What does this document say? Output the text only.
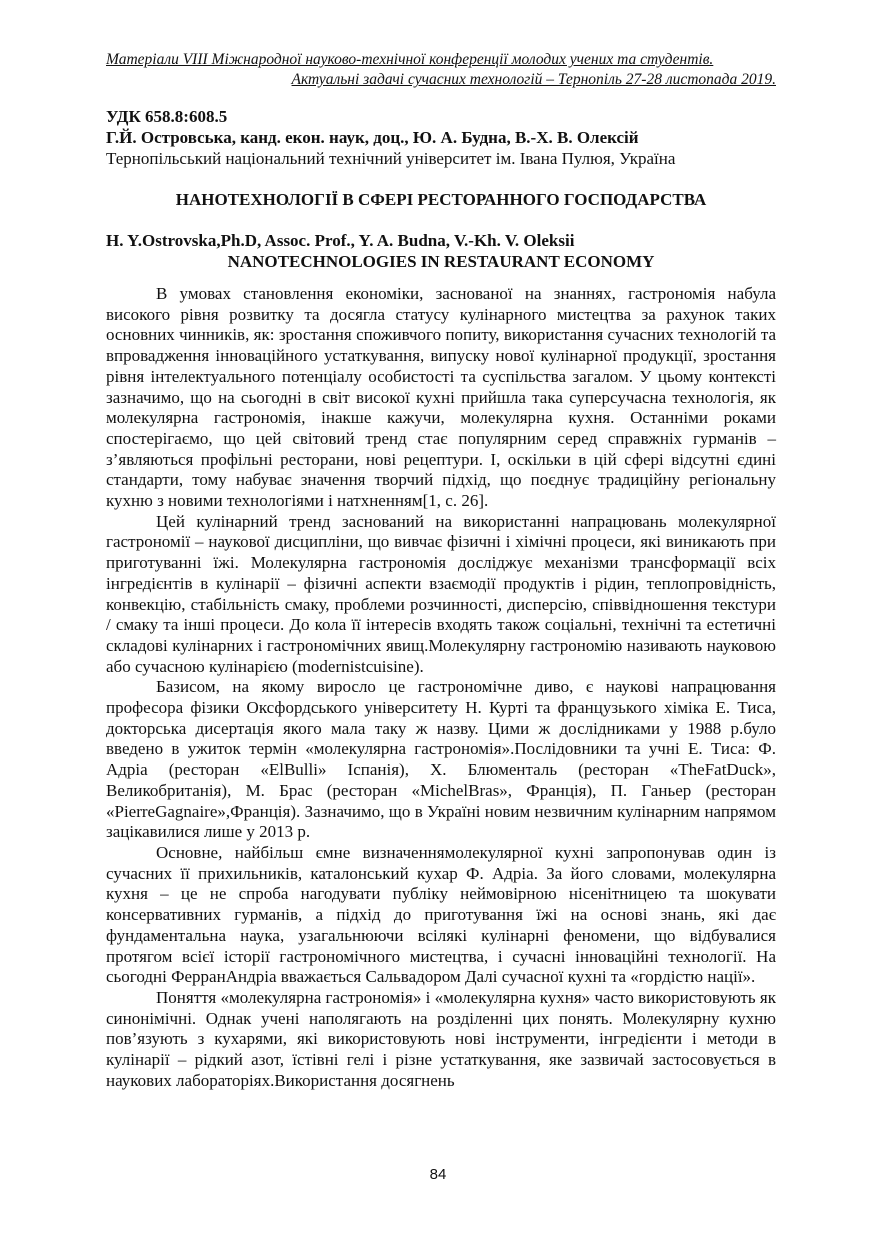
Матеріали VIII Міжнародної науково-технічної конференції молодих учених та студентів.
Актуальні задачі сучасних технологій – Тернопіль 27-28 листопада 2019.
УДК 658.8:608.5
Г.Й. Островська, канд. екон. наук, доц., Ю. А. Будна, В.-Х. В. Олексій
Тернопільський національний технічний університет ім. Івана Пулюя, Україна
НАНОТЕХНОЛОГІЇ В СФЕРІ РЕСТОРАННОГО ГОСПОДАРСТВА
H. Y.Ostrovska,Ph.D, Assoc. Prof., Y. A. Budna, V.-Kh. V. Oleksii
NANOTECHNOLOGIES IN RESTAURANT ECONOMY

В умовах становлення економіки, заснованої на знаннях, гастрономія набула високого рівня розвитку та досягла статусу кулінарного мистецтва за рахунок таких основних чинників, як: зростання споживчого попиту, використання сучасних технологій та впровадження інноваційного устаткування, випуску нової кулінарної продукції, зростання рівня інтелектуального потенціалу особистості та суспільства загалом. У цьому контексті зазначимо, що на сьогодні в світ високої кухні прийшла така суперсучасна технологія, як молекулярна гастрономія, інакше кажучи, молекулярна кухня. Останніми роками спостерігаємо, що цей світовий тренд стає популярним серед справжніх гурманів – з’являються профільні ресторани, нові рецептури. І, оскільки в цій сфері відсутні єдині стандарти, тому набуває значення творчий підхід, що поєднує традиційну регіональну кухню з новими технологіями і натхненням[1, с. 26].

Цей кулінарний тренд заснований на використанні напрацювань молекулярної гастрономії – наукової дисципліни, що вивчає фізичні і хімічні процеси, які виникають при приготуванні їжі. Молекулярна гастрономія досліджує механізми трансформації всіх інгредієнтів в кулінарії – фізичні аспекти взаємодії продуктів і рідин, теплопровідність, конвекцію, стабільність смаку, проблеми розчинності, дисперсію, співвідношення текстури / смаку та інші процеси. До кола її інтересів входять також соціальні, технічні та естетичні складові кулінарних і гастрономічних явищ.Молекулярну гастрономію називають науковою або сучасною кулінарією (modernistcuisine).

Базисом, на якому виросло це гастрономічне диво, є наукові напрацювання професора фізики Оксфордського університету Н. Курті та французького хіміка Е. Тиса, докторська дисертація якого мала таку ж назву. Цими ж дослідниками у 1988 р.було введено в ужиток термін «молекулярна гастрономія».Послідовники та учні Е. Тиса: Ф. Адріа (ресторан «ElBulli» Іспанія), Х. Блюменталь (ресторан «TheFatDuck», Великобританія), М. Брас (ресторан «MichelBras», Франція), П. Ганьер (ресторан «PierreGagnaire»,Франція). Зазначимо, що в Україні новим незвичним кулінарним напрямом зацікавилися лише у 2013 р.

Основне, найбільш ємне визначеннямолекулярної кухні запропонував один із сучасних її прихильників, каталонський кухар Ф. Адріа. За його словами, молекулярна кухня – це не спроба нагодувати публіку неймовірною нісенітницею та шокувати консервативних гурманів, а підхід до приготування їжі на основі знань, які дає фундаментальна наука, узагальнюючи всілякі кулінарні феномени, що відбувалися протягом всієї історії гастрономічного мистецтва, і сучасні інноваційні технології. На сьогодні ФерранАндріа вважається Сальвадором Далі сучасної кухні та «гордістю нації».

Поняття «молекулярна гастрономія» і «молекулярна кухня» часто використовують як синонімічні. Однак учені наполягають на розділенні цих понять. Молекулярну кухню пов’язують з кухарями, які використовують нові інструменти, інгредієнти і методи в кулінарії – рідкий азот, їстівні гелі і різне устаткування, яке зазвичай застосовується в наукових лабораторіях.Використання досягнень

84
